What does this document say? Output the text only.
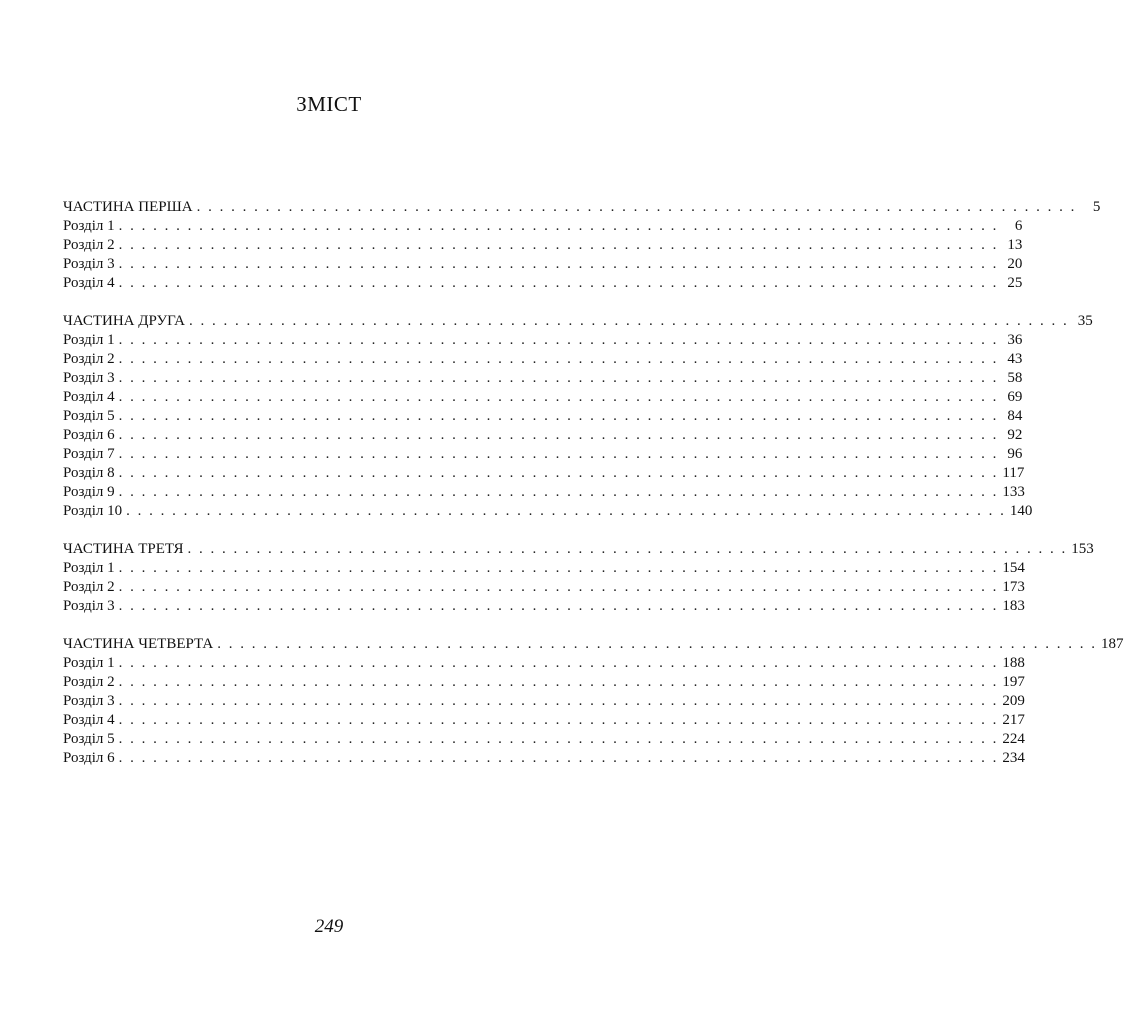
ЗМІСТ
ЧАСТИНА ПЕРША . . . . . . . . . . . . . . . . . . . . . . . . . . . . . . . . . . . . . . . . . . . . . . . . . . . . . . . . . . . . . . . . . . . . . . . . . . . . .	5
Розділ 1 . . . . . . . . . . . . . . . . . . . . . . . . . . . . . . . . . . . . . . . . . . . . . . . . . . . . . . . . . . . . . . . . . . . . . . . . . . . . .	6
Розділ 2 . . . . . . . . . . . . . . . . . . . . . . . . . . . . . . . . . . . . . . . . . . . . . . . . . . . . . . . . . . . . . . . . . . . . . . . . . . . . . 13
Розділ 3 . . . . . . . . . . . . . . . . . . . . . . . . . . . . . . . . . . . . . . . . . . . . . . . . . . . . . . . . . . . . . . . . . . . . . . . . . . . . . 20
Розділ 4 . . . . . . . . . . . . . . . . . . . . . . . . . . . . . . . . . . . . . . . . . . . . . . . . . . . . . . . . . . . . . . . . . . . . . . . . . . . . . 25
ЧАСТИНА ДРУГА . . . . . . . . . . . . . . . . . . . . . . . . . . . . . . . . . . . . . . . . . . . . . . . . . . . . . . . . . . . . . . . . . . . . . . . . . . . . . 35
Розділ 1 . . . . . . . . . . . . . . . . . . . . . . . . . . . . . . . . . . . . . . . . . . . . . . . . . . . . . . . . . . . . . . . . . . . . . . . . . . . . . 36
Розділ 2 . . . . . . . . . . . . . . . . . . . . . . . . . . . . . . . . . . . . . . . . . . . . . . . . . . . . . . . . . . . . . . . . . . . . . . . . . . . . . 43
Розділ 3 . . . . . . . . . . . . . . . . . . . . . . . . . . . . . . . . . . . . . . . . . . . . . . . . . . . . . . . . . . . . . . . . . . . . . . . . . . . . . 58
Розділ 4 . . . . . . . . . . . . . . . . . . . . . . . . . . . . . . . . . . . . . . . . . . . . . . . . . . . . . . . . . . . . . . . . . . . . . . . . . . . . . 69
Розділ 5 . . . . . . . . . . . . . . . . . . . . . . . . . . . . . . . . . . . . . . . . . . . . . . . . . . . . . . . . . . . . . . . . . . . . . . . . . . . . . 84
Розділ 6 . . . . . . . . . . . . . . . . . . . . . . . . . . . . . . . . . . . . . . . . . . . . . . . . . . . . . . . . . . . . . . . . . . . . . . . . . . . . . 92
Розділ 7 . . . . . . . . . . . . . . . . . . . . . . . . . . . . . . . . . . . . . . . . . . . . . . . . . . . . . . . . . . . . . . . . . . . . . . . . . . . . . 96
Розділ 8 . . . . . . . . . . . . . . . . . . . . . . . . . . . . . . . . . . . . . . . . . . . . . . . . . . . . . . . . . . . . . . . . . . . . . . . . . . . . . 117
Розділ 9 . . . . . . . . . . . . . . . . . . . . . . . . . . . . . . . . . . . . . . . . . . . . . . . . . . . . . . . . . . . . . . . . . . . . . . . . . . . . . 133
Розділ 10 . . . . . . . . . . . . . . . . . . . . . . . . . . . . . . . . . . . . . . . . . . . . . . . . . . . . . . . . . . . . . . . . . . . . . . . . . . . . . 140
ЧАСТИНА ТРЕТЯ . . . . . . . . . . . . . . . . . . . . . . . . . . . . . . . . . . . . . . . . . . . . . . . . . . . . . . . . . . . . . . . . . . . . . . . . . . . . . 153
Розділ 1 . . . . . . . . . . . . . . . . . . . . . . . . . . . . . . . . . . . . . . . . . . . . . . . . . . . . . . . . . . . . . . . . . . . . . . . . . . . . . 154
Розділ 2 . . . . . . . . . . . . . . . . . . . . . . . . . . . . . . . . . . . . . . . . . . . . . . . . . . . . . . . . . . . . . . . . . . . . . . . . . . . . . 173
Розділ 3 . . . . . . . . . . . . . . . . . . . . . . . . . . . . . . . . . . . . . . . . . . . . . . . . . . . . . . . . . . . . . . . . . . . . . . . . . . . . . 183
ЧАСТИНА ЧЕТВЕРТА . . . . . . . . . . . . . . . . . . . . . . . . . . . . . . . . . . . . . . . . . . . . . . . . . . . . . . . . . . . . . . . . . . . . . . . . . . . . . 187
Розділ 1 . . . . . . . . . . . . . . . . . . . . . . . . . . . . . . . . . . . . . . . . . . . . . . . . . . . . . . . . . . . . . . . . . . . . . . . . . . . . . 188
Розділ 2 . . . . . . . . . . . . . . . . . . . . . . . . . . . . . . . . . . . . . . . . . . . . . . . . . . . . . . . . . . . . . . . . . . . . . . . . . . . . . 197
Розділ 3 . . . . . . . . . . . . . . . . . . . . . . . . . . . . . . . . . . . . . . . . . . . . . . . . . . . . . . . . . . . . . . . . . . . . . . . . . . . . . 209
Розділ 4 . . . . . . . . . . . . . . . . . . . . . . . . . . . . . . . . . . . . . . . . . . . . . . . . . . . . . . . . . . . . . . . . . . . . . . . . . . . . . 217
Розділ 5 . . . . . . . . . . . . . . . . . . . . . . . . . . . . . . . . . . . . . . . . . . . . . . . . . . . . . . . . . . . . . . . . . . . . . . . . . . . . . 224
Розділ 6 . . . . . . . . . . . . . . . . . . . . . . . . . . . . . . . . . . . . . . . . . . . . . . . . . . . . . . . . . . . . . . . . . . . . . . . . . . . . . 234
249
